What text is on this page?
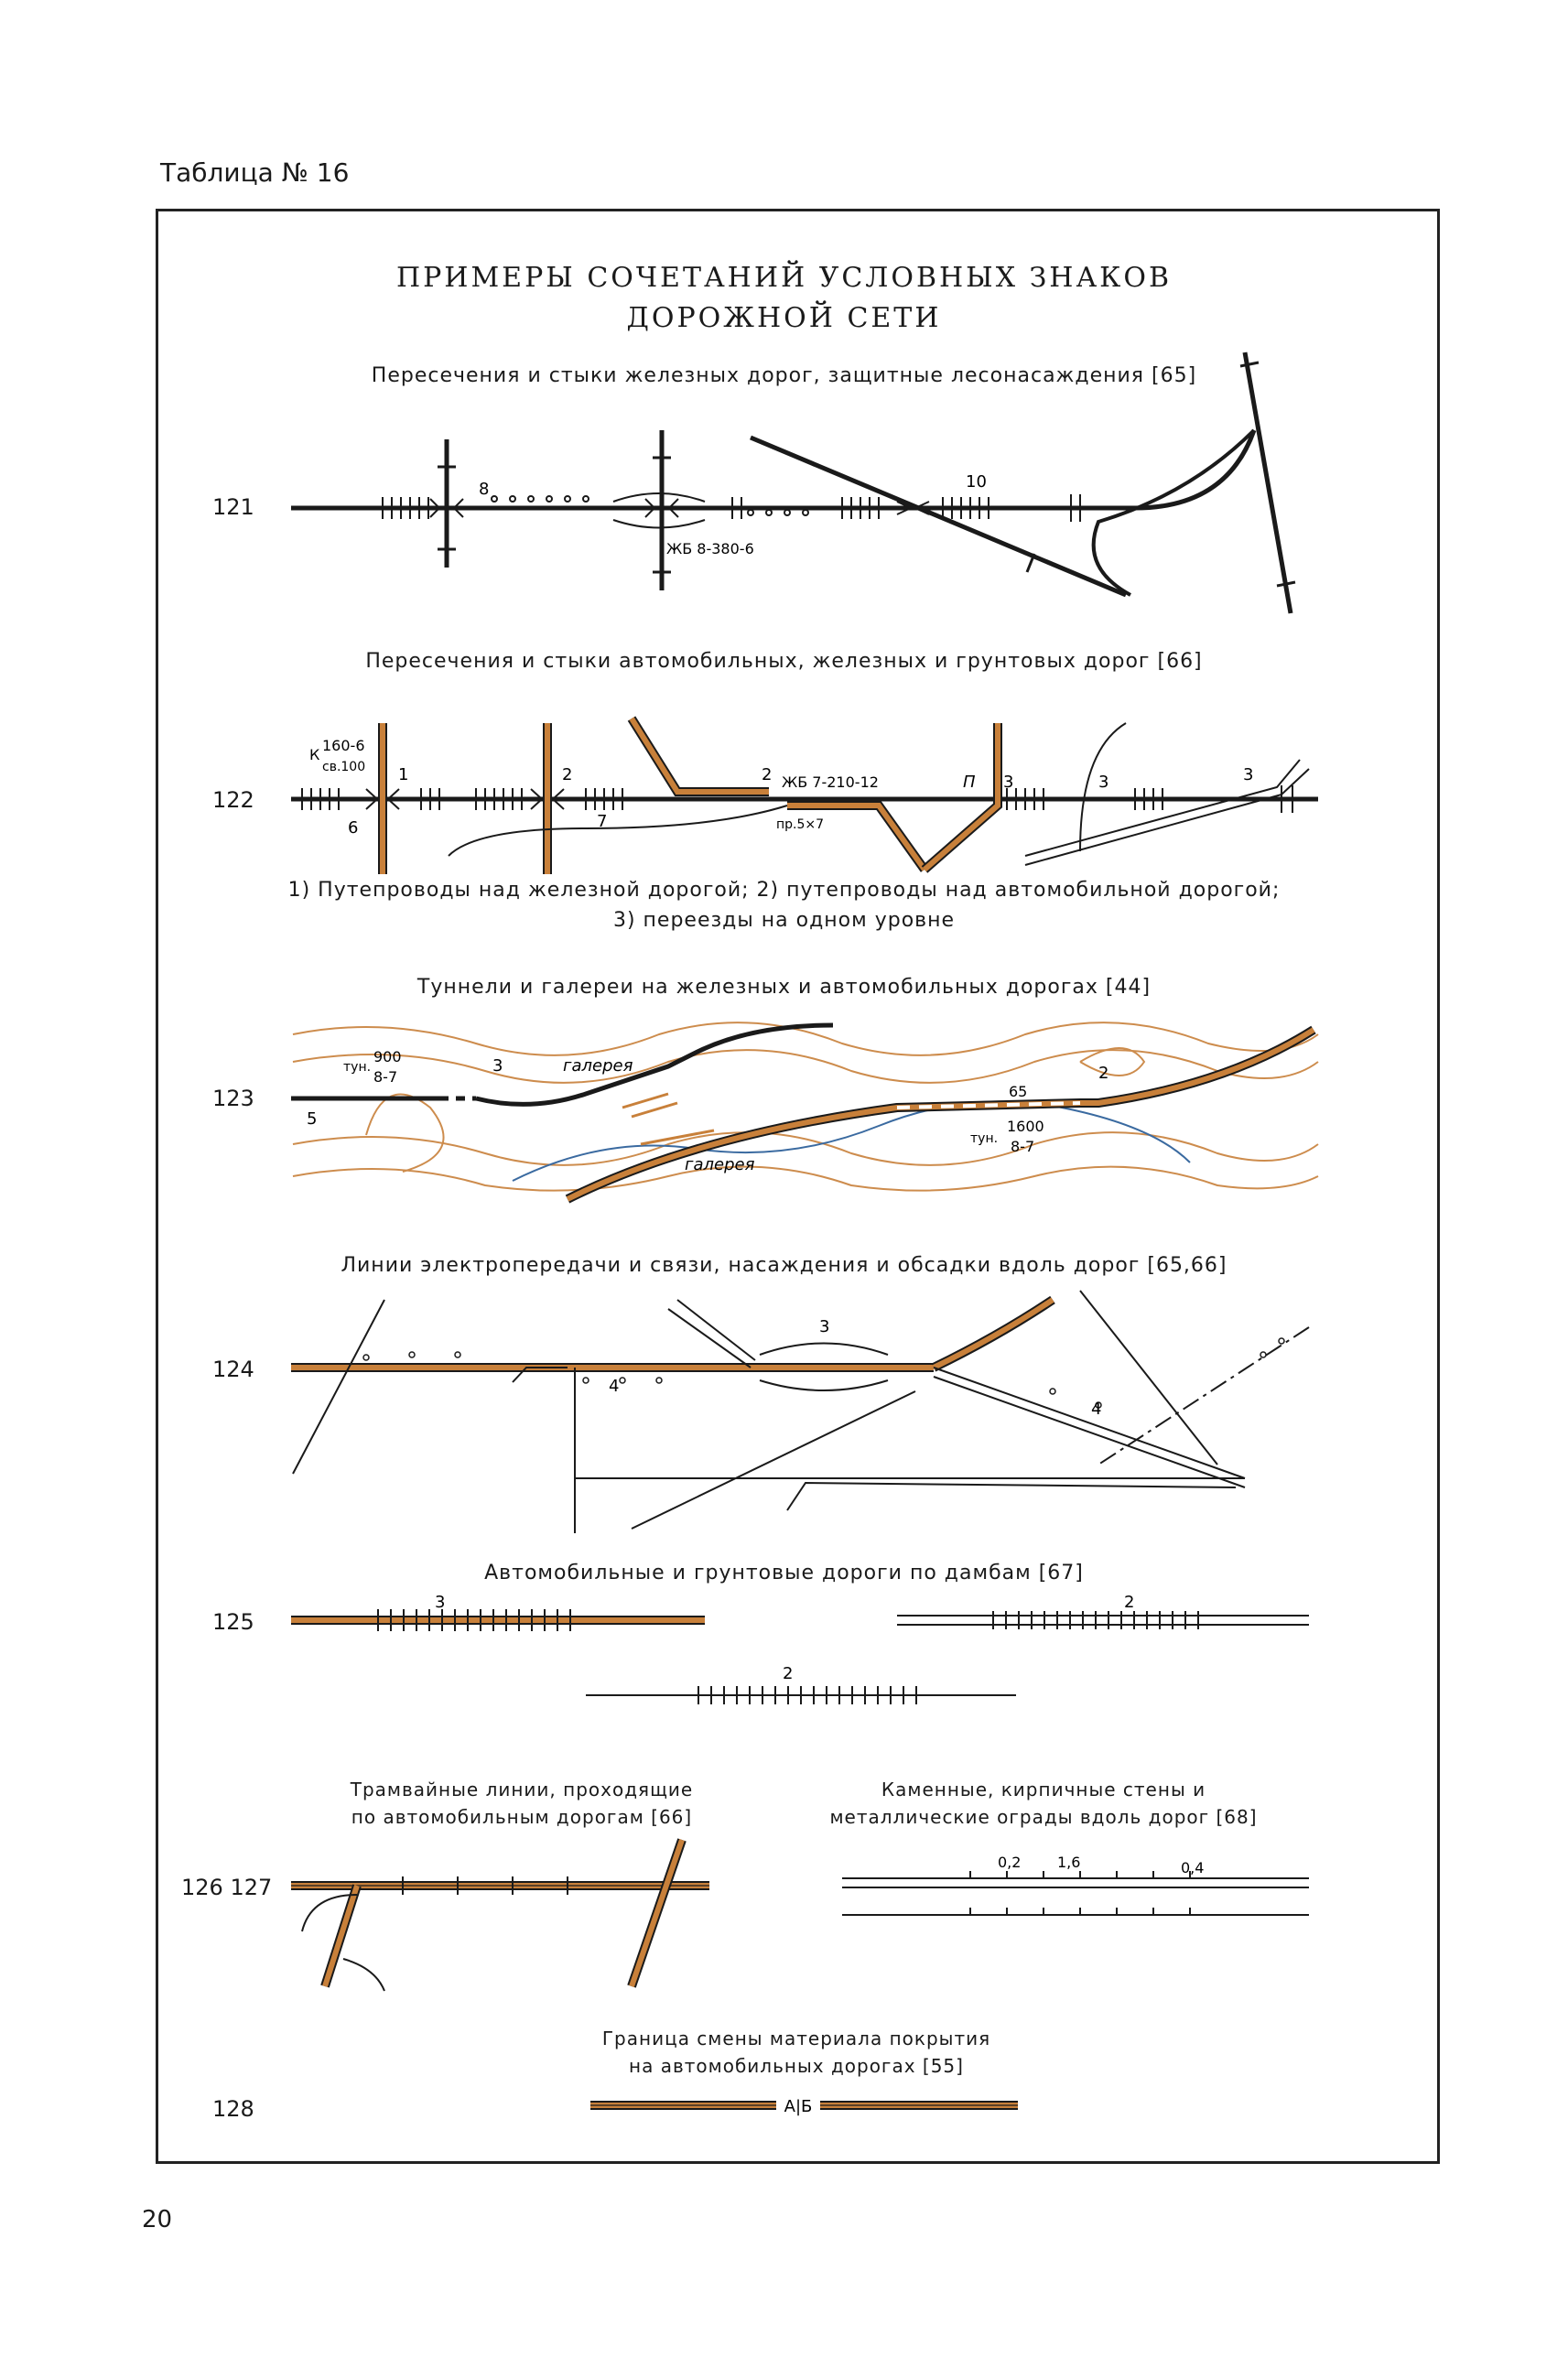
Таблица № 16
ПРИМЕРЫ СОЧЕТАНИЙ УСЛОВНЫХ ЗНАКОВ
ДОРОЖНОЙ СЕТИ
Пересечения и стыки железных дорог, защитные лесонасаждения [65]
Пересечения и стыки автомобильных, железных и грунтовых дорог [66]
1) Путепроводы над железной дорогой; 2) путепроводы над автомобильной дорогой;
3) переезды на одном уровне
Туннели и галереи на железных и автомобильных дорогах [44]
Линии электропередачи и связи, насаждения и обсадки вдоль дорог [65,66]
Автомобильные и грунтовые дороги по дамбам [67]
Трамвайные линии, проходящие
по автомобильным дорогам [66]
Каменные, кирпичные стены и
металлические ограды вдоль дорог [68]
Граница смены материала покрытия
на автомобильных дорогах [55]
121
122
123
124
125
126 127
128
20
8	10
ЖБ 8-380-6
К
160-6
св.100 1
6
2
7
2 ЖБ 7-210-12
пр.5×7
П 3	3	3
тун.
900
8-7
3
5
галерея
галерея
65
тун.
1600
8-7
2
3
4
4
3	2
2
0,2 1,6	0,4
А|Б
